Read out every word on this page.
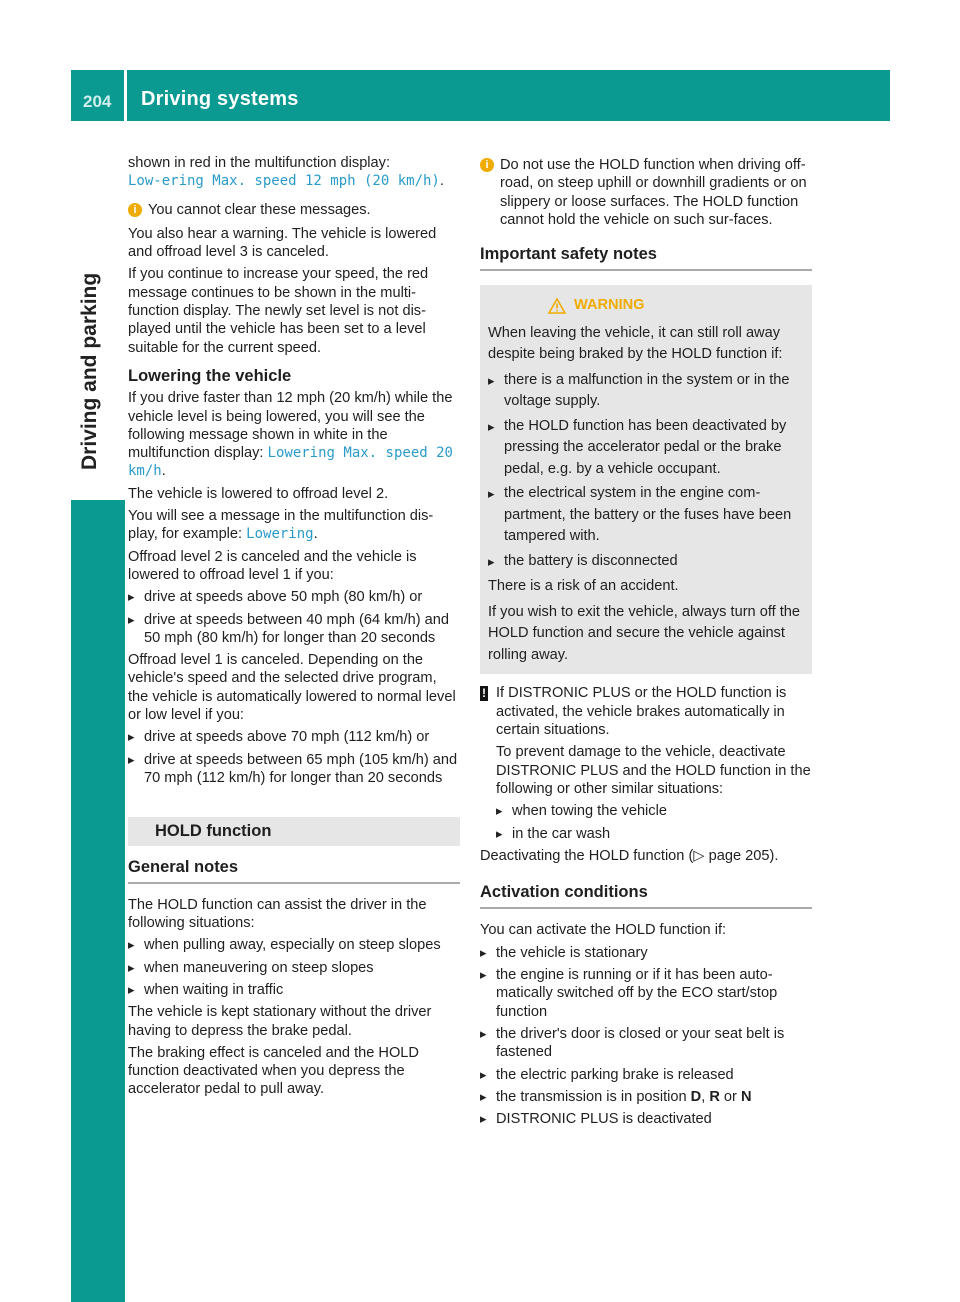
204 Driving systems
Driving and parking

shown in red in the multifunction display: Low‑ering Max. speed 12 mph (20 km/h).

i You cannot clear these messages.

You also hear a warning. The vehicle is lowered and offroad level 3 is canceled.

If you continue to increase your speed, the red message continues to be shown in the multi-function display. The newly set level is not dis-played until the vehicle has been set to a level suitable for the current speed.

Lowering the vehicle

If you drive faster than 12 mph (20 km/h) while the vehicle level is being lowered, you will see the following message shown in white in the multifunction display: Lowering Max. speed 20 km/h.

The vehicle is lowered to offroad level 2.

You will see a message in the multifunction dis-play, for example: Lowering.

Offroad level 2 is canceled and the vehicle is lowered to offroad level 1 if you:

▸ drive at speeds above 50 mph (80 km/h) or
▸ drive at speeds between 40 mph (64 km/h) and 50 mph (80 km/h) for longer than 20 seconds

Offroad level 1 is canceled. Depending on the vehicle's speed and the selected drive program, the vehicle is automatically lowered to normal level or low level if you:

▸ drive at speeds above 70 mph (112 km/h) or
▸ drive at speeds between 65 mph (105 km/h) and 70 mph (112 km/h) for longer than 20 seconds
HOLD function
General notes

The HOLD function can assist the driver in the following situations:

▸ when pulling away, especially on steep slopes
▸ when maneuvering on steep slopes
▸ when waiting in traffic

The vehicle is kept stationary without the driver having to depress the brake pedal.

The braking effect is canceled and the HOLD function deactivated when you depress the accelerator pedal to pull away.

i Do not use the HOLD function when driving off-road, on steep uphill or downhill gradients or on slippery or loose surfaces. The HOLD function cannot hold the vehicle on such sur-faces.
Important safety notes
WARNING
When leaving the vehicle, it can still roll away despite being braked by the HOLD function if:
▸ there is a malfunction in the system or in the voltage supply.
▸ the HOLD function has been deactivated by pressing the accelerator pedal or the brake pedal, e.g. by a vehicle occupant.
▸ the electrical system in the engine com-partment, the battery or the fuses have been tampered with.
▸ the battery is disconnected
There is a risk of an accident.
If you wish to exit the vehicle, always turn off the HOLD function and secure the vehicle against rolling away.
! If DISTRONIC PLUS or the HOLD function is activated, the vehicle brakes automatically in certain situations.

To prevent damage to the vehicle, deactivate DISTRONIC PLUS and the HOLD function in the following or other similar situations:

▸ when towing the vehicle
▸ in the car wash

Deactivating the HOLD function (▷ page 205).

Activation conditions

You can activate the HOLD function if:

▸ the vehicle is stationary
▸ the engine is running or if it has been auto-matically switched off by the ECO start/stop function
▸ the driver's door is closed or your seat belt is fastened
▸ the electric parking brake is released
▸ the transmission is in position D, R or N
▸ DISTRONIC PLUS is deactivated
